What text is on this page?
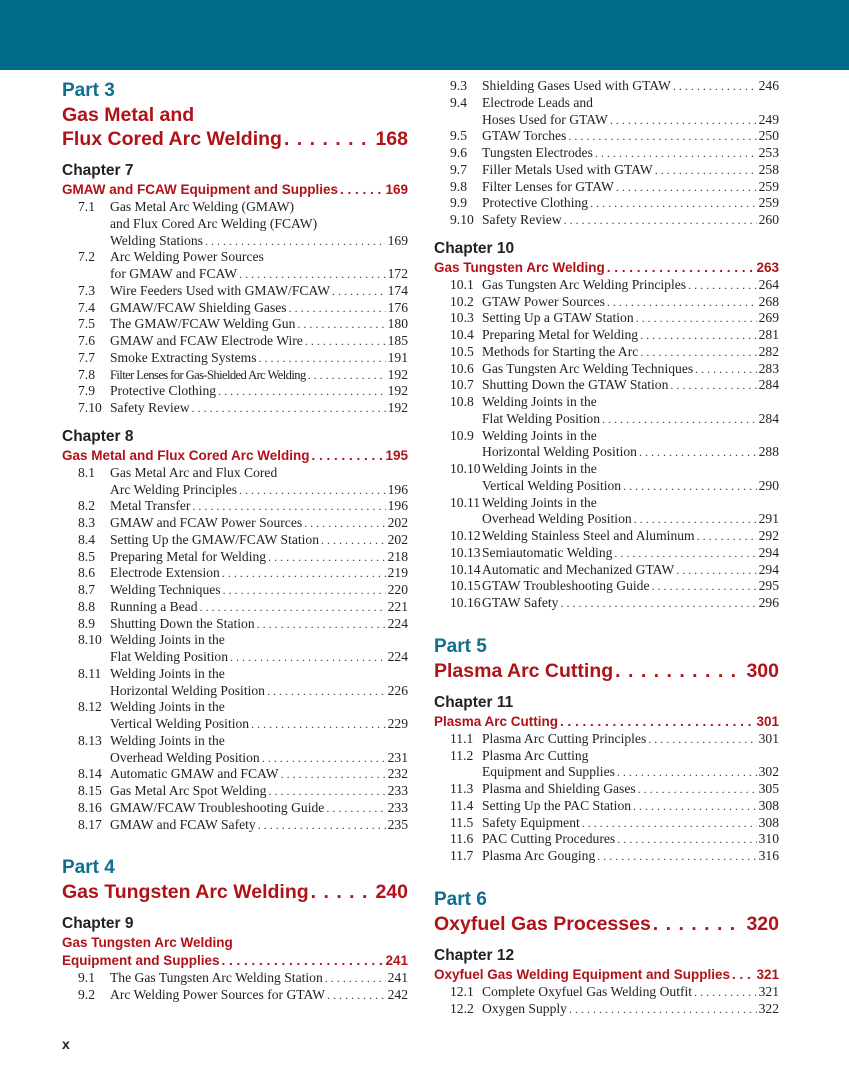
Part 3
Gas Metal and
Flux Cored Arc Welding . . .	168
Chapter 7
GMAW and FCAW Equipment and Supplies . . .	169
7.1	Gas Metal Arc Welding (GMAW)
and Flux Cored Arc Welding (FCAW)
Welding Stations . . .	169
7.2	Arc Welding Power Sources
for GMAW and FCAW . . .	172
7.3	Wire Feeders Used with GMAW/FCAW . . .	174
7.4	GMAW/FCAW Shielding Gases . . .	176
7.5	The GMAW/FCAW Welding Gun . . .	180
7.6	GMAW and FCAW Electrode Wire . . .	185
7.7	Smoke Extracting Systems . . .	191
7.8	Filter Lenses for Gas-Shielded Arc Welding . . .	192
7.9	Protective Clothing . . .	192
7.10 Safety Review . . .	192
Chapter 8
Gas Metal and Flux Cored Arc Welding . . .	195
8.1	Gas Metal Arc and Flux Cored
Arc Welding Principles . . .	196
8.2	Metal Transfer . . .	196
8.3	GMAW and FCAW Power Sources . . .	202
8.4	Setting Up the GMAW/FCAW Station . . .	202
8.5	Preparing Metal for Welding . . .	218
8.6	Electrode Extension . . .	219
8.7	Welding Techniques . . .	220
8.8	Running a Bead . . .	221
8.9	Shutting Down the Station . . .	224
8.10 Welding Joints in the
Flat Welding Position . . .	224
8.11 Welding Joints in the
Horizontal Welding Position . . .	226
8.12 Welding Joints in the
Vertical Welding Position . . .	229
8.13 Welding Joints in the
Overhead Welding Position . . .	231
8.14 Automatic GMAW and FCAW . . .	232
8.15 Gas Metal Arc Spot Welding . . .	233
8.16 GMAW/FCAW Troubleshooting Guide . . .	233
8.17 GMAW and FCAW Safety . . .	235
Part 4
Gas Tungsten Arc Welding . . .	240
Chapter 9
Gas Tungsten Arc Welding
Equipment and Supplies . . .	241
9.1	The Gas Tungsten Arc Welding Station . . .	241
9.2	Arc Welding Power Sources for GTAW . . .	242
9.3	Shielding Gases Used with GTAW . . .	246
9.4	Electrode Leads and
Hoses Used for GTAW . . .	249
9.5	GTAW Torches . . .	250
9.6	Tungsten Electrodes . . .	253
9.7	Filler Metals Used with GTAW . . .	258
9.8	Filter Lenses for GTAW . . .	259
9.9	Protective Clothing . . .	259
9.10 Safety Review . . .	260
Chapter 10
Gas Tungsten Arc Welding . . .	263
10.1 Gas Tungsten Arc Welding Principles . . .	264
10.2 GTAW Power Sources . . .	268
10.3 Setting Up a GTAW Station . . .	269
10.4 Preparing Metal for Welding . . .	281
10.5 Methods for Starting the Arc . . .	282
10.6 Gas Tungsten Arc Welding Techniques . . .	283
10.7 Shutting Down the GTAW Station . . .	284
10.8 Welding Joints in the
Flat Welding Position . . .	284
10.9 Welding Joints in the
Horizontal Welding Position . . .	288
10.10 Welding Joints in the
Vertical Welding Position . . .	290
10.11 Welding Joints in the
Overhead Welding Position . . .	291
10.12 Welding Stainless Steel and Aluminum . . .	292
10.13 Semiautomatic Welding . . .	294
10.14 Automatic and Mechanized GTAW . . .	294
10.15 GTAW Troubleshooting Guide . . .	295
10.16 GTAW Safety . . .	296
Part 5
Plasma Arc Cutting . . .	300
Chapter 11
Plasma Arc Cutting . . .	301
11.1 Plasma Arc Cutting Principles . . .	301
11.2 Plasma Arc Cutting
Equipment and Supplies . . .	302
11.3 Plasma and Shielding Gases . . .	305
11.4 Setting Up the PAC Station . . .	308
11.5 Safety Equipment . . .	308
11.6 PAC Cutting Procedures . . .	310
11.7 Plasma Arc Gouging . . .	316
Part 6
Oxyfuel Gas Processes . . .	320
Chapter 12
Oxyfuel Gas Welding Equipment and Supplies . . . 321
12.1 Complete Oxyfuel Gas Welding Outfit . . .	321
12.2 Oxygen Supply . . .	322
x
